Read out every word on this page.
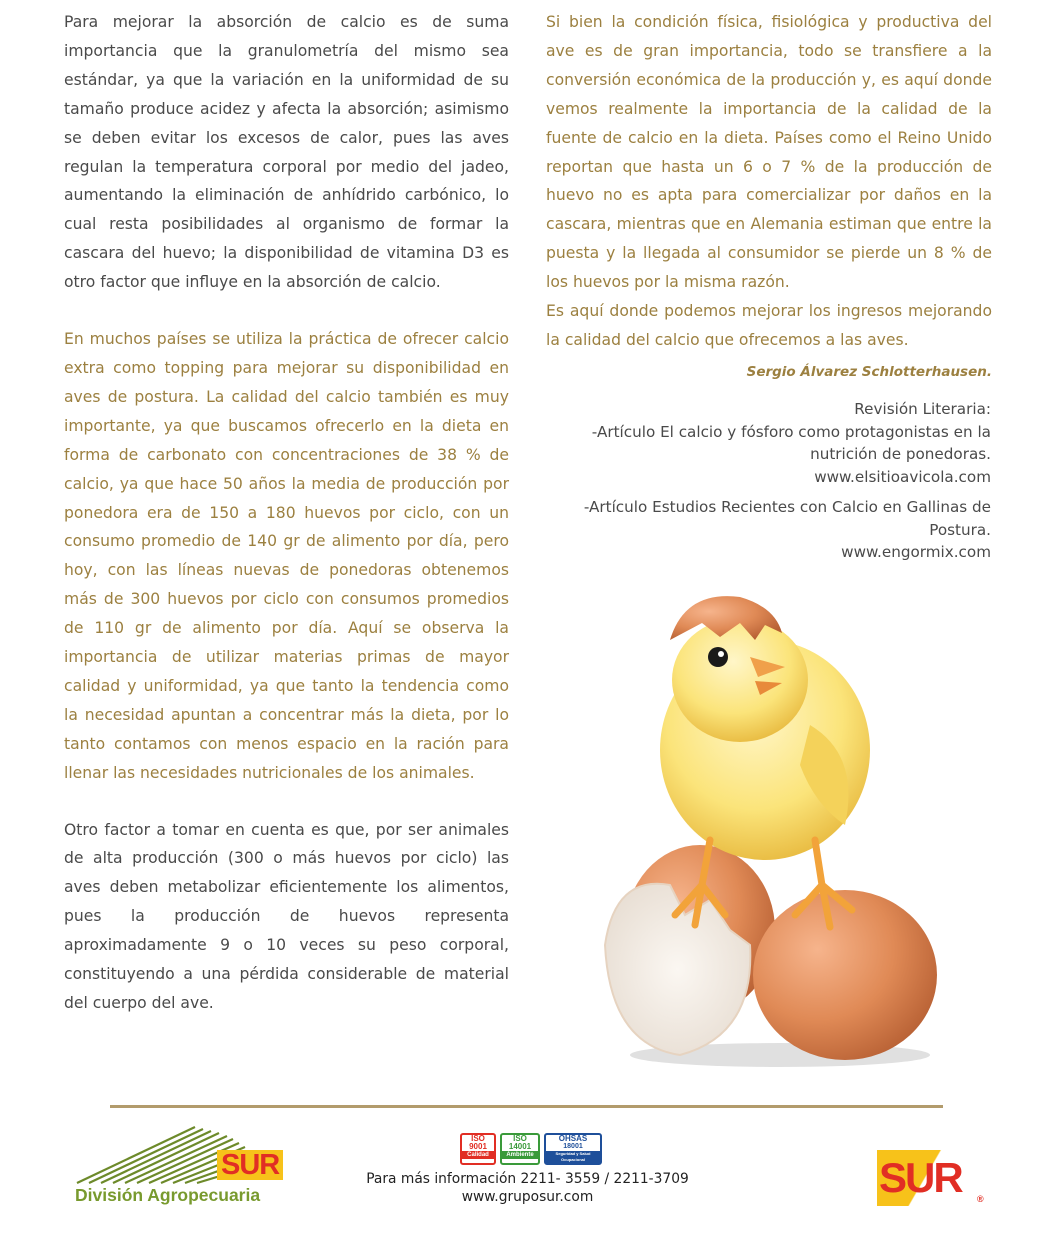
Para mejorar la absorción de calcio es de suma importancia que la granulometría del mismo sea estándar, ya que la variación en la uniformidad de su tamaño produce acidez y afecta la absorción; asimismo se deben evitar los excesos de calor, pues las aves regulan la temperatura corporal por medio del jadeo, aumentando la eliminación de anhídrido carbónico, lo cual resta posibilidades al organismo de formar la cascara del huevo; la disponibilidad de vitamina D3 es otro factor que influye en la absorción de calcio.

En muchos países se utiliza la práctica de ofrecer calcio extra como topping para mejorar su disponibilidad en aves de postura. La calidad del calcio también es muy importante, ya que buscamos ofrecerlo en la dieta en forma de carbonato con concentraciones de 38 % de calcio, ya que hace 50 años la media de producción por ponedora era de 150 a 180 huevos por ciclo, con un consumo promedio de 140 gr de alimento por día, pero hoy, con las líneas nuevas de ponedoras obtenemos más de 300 huevos por ciclo con consumos promedios de 110 gr de alimento por día. Aquí se observa la importancia de utilizar materias primas de mayor calidad y uniformidad, ya que tanto la tendencia como la necesidad apuntan a concentrar más la dieta, por lo tanto contamos con menos espacio en la ración para llenar las necesidades nutricionales de los animales.

Otro factor a tomar en cuenta es que, por ser animales de alta producción (300 o más huevos por ciclo) las aves deben metabolizar eficientemente los alimentos, pues la producción de huevos representa aproximadamente 9 o 10 veces su peso corporal, constituyendo a una pérdida considerable de material del cuerpo del ave.

Si bien la condición física, fisiológica y productiva del ave es de gran importancia, todo se transfiere a la conversión económica de la producción y, es aquí donde vemos realmente la importancia de la calidad de la fuente de calcio en la dieta. Países como el Reino Unido reportan que hasta un 6 o 7 % de la producción de huevo no es apta para comercializar por daños en la cascara, mientras que en Alemania estiman que entre la puesta y la llegada al consumidor se pierde un 8 % de los huevos por la misma razón.

Es aquí donde podemos mejorar los ingresos mejorando la calidad del calcio que ofrecemos a las aves.

Sergio Álvarez Schlotterhausen.
Revisión Literaria:
-Artículo El calcio y fósforo como protagonistas en la
nutrición de ponedoras.
www.elsitioavicola.com
-Artículo Estudios Recientes con Calcio en Gallinas de
Postura.
www.engormix.com
SUR
División Agropecuaria
ISO
9001
Calidad
ISO
14001
Ambiente
OHSAS
18001
Seguridad y Salud Ocupacional
Para más información 2211- 3559 / 2211-3709
www.gruposur.com	SUR ®
